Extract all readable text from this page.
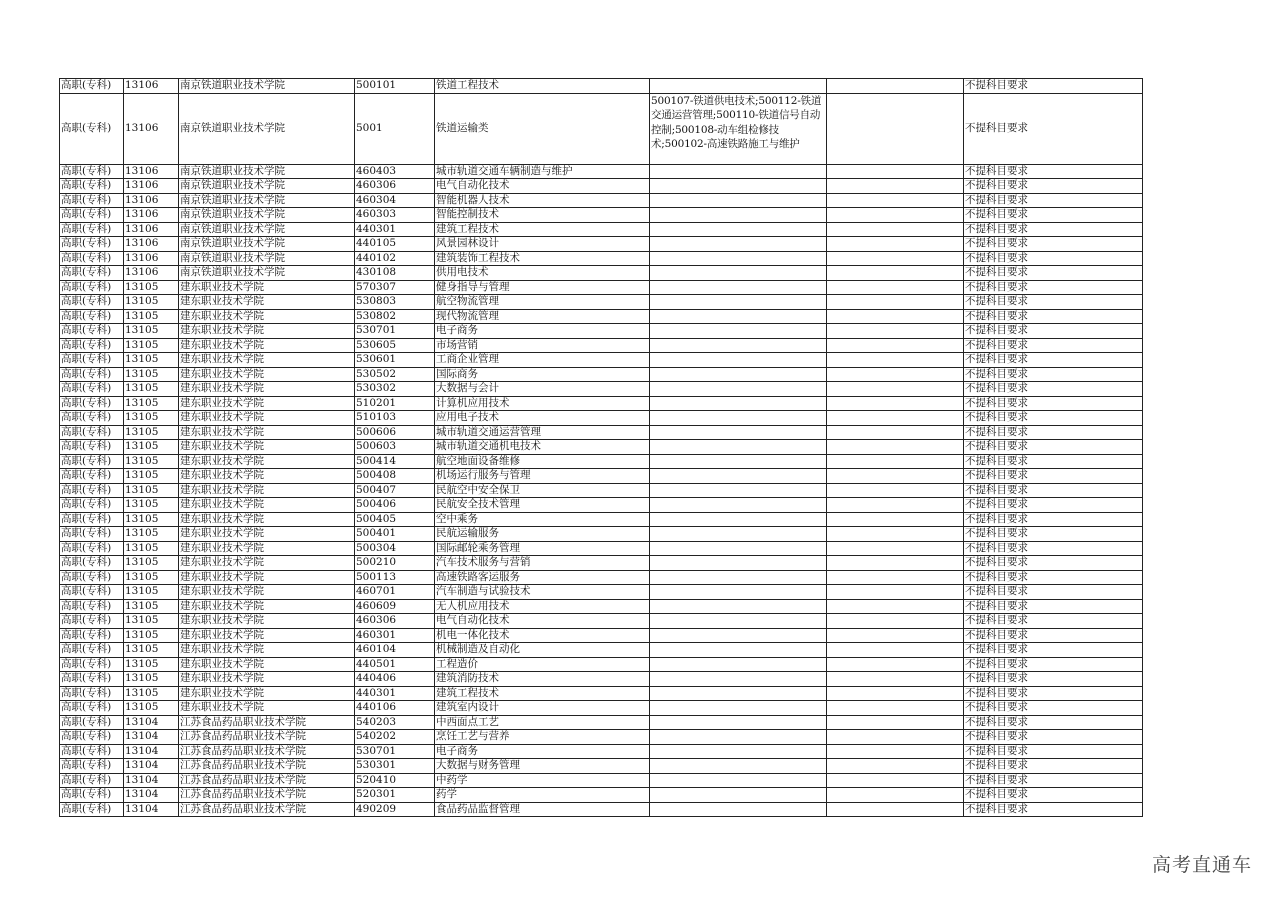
高职(专科)	13106	南京铁道职业技术学院	500101	铁道工程技术			不提科目要求
高职(专科)	13106	南京铁道职业技术学院	5001	铁道运输类	500107-铁道供电技术;500112-铁道交通运营管理;500110-铁道信号自动控制;500108-动车组检修技术;500102-高速铁路施工与维护		不提科目要求
高职(专科)	13106	南京铁道职业技术学院	460403	城市轨道交通车辆制造与维护			不提科目要求
高职(专科)	13106	南京铁道职业技术学院	460306	电气自动化技术			不提科目要求
高职(专科)	13106	南京铁道职业技术学院	460304	智能机器人技术			不提科目要求
高职(专科)	13106	南京铁道职业技术学院	460303	智能控制技术			不提科目要求
高职(专科)	13106	南京铁道职业技术学院	440301	建筑工程技术			不提科目要求
高职(专科)	13106	南京铁道职业技术学院	440105	风景园林设计			不提科目要求
高职(专科)	13106	南京铁道职业技术学院	440102	建筑装饰工程技术			不提科目要求
高职(专科)	13106	南京铁道职业技术学院	430108	供用电技术			不提科目要求
高职(专科)	13105	建东职业技术学院	570307	健身指导与管理			不提科目要求
高职(专科)	13105	建东职业技术学院	530803	航空物流管理			不提科目要求
高职(专科)	13105	建东职业技术学院	530802	现代物流管理			不提科目要求
高职(专科)	13105	建东职业技术学院	530701	电子商务			不提科目要求
高职(专科)	13105	建东职业技术学院	530605	市场营销			不提科目要求
高职(专科)	13105	建东职业技术学院	530601	工商企业管理			不提科目要求
高职(专科)	13105	建东职业技术学院	530502	国际商务			不提科目要求
高职(专科)	13105	建东职业技术学院	530302	大数据与会计			不提科目要求
高职(专科)	13105	建东职业技术学院	510201	计算机应用技术			不提科目要求
高职(专科)	13105	建东职业技术学院	510103	应用电子技术			不提科目要求
高职(专科)	13105	建东职业技术学院	500606	城市轨道交通运营管理			不提科目要求
高职(专科)	13105	建东职业技术学院	500603	城市轨道交通机电技术			不提科目要求
高职(专科)	13105	建东职业技术学院	500414	航空地面设备维修			不提科目要求
高职(专科)	13105	建东职业技术学院	500408	机场运行服务与管理			不提科目要求
高职(专科)	13105	建东职业技术学院	500407	民航空中安全保卫			不提科目要求
高职(专科)	13105	建东职业技术学院	500406	民航安全技术管理			不提科目要求
高职(专科)	13105	建东职业技术学院	500405	空中乘务			不提科目要求
高职(专科)	13105	建东职业技术学院	500401	民航运输服务			不提科目要求
高职(专科)	13105	建东职业技术学院	500304	国际邮轮乘务管理			不提科目要求
高职(专科)	13105	建东职业技术学院	500210	汽车技术服务与营销			不提科目要求
高职(专科)	13105	建东职业技术学院	500113	高速铁路客运服务			不提科目要求
高职(专科)	13105	建东职业技术学院	460701	汽车制造与试验技术			不提科目要求
高职(专科)	13105	建东职业技术学院	460609	无人机应用技术			不提科目要求
高职(专科)	13105	建东职业技术学院	460306	电气自动化技术			不提科目要求
高职(专科)	13105	建东职业技术学院	460301	机电一体化技术			不提科目要求
高职(专科)	13105	建东职业技术学院	460104	机械制造及自动化			不提科目要求
高职(专科)	13105	建东职业技术学院	440501	工程造价			不提科目要求
高职(专科)	13105	建东职业技术学院	440406	建筑消防技术			不提科目要求
高职(专科)	13105	建东职业技术学院	440301	建筑工程技术			不提科目要求
高职(专科)	13105	建东职业技术学院	440106	建筑室内设计			不提科目要求
高职(专科)	13104	江苏食品药品职业技术学院	540203	中西面点工艺			不提科目要求
高职(专科)	13104	江苏食品药品职业技术学院	540202	烹饪工艺与营养			不提科目要求
高职(专科)	13104	江苏食品药品职业技术学院	530701	电子商务			不提科目要求
高职(专科)	13104	江苏食品药品职业技术学院	530301	大数据与财务管理			不提科目要求
高职(专科)	13104	江苏食品药品职业技术学院	520410	中药学			不提科目要求
高职(专科)	13104	江苏食品药品职业技术学院	520301	药学			不提科目要求
高职(专科)	13104	江苏食品药品职业技术学院	490209	食品药品监督管理			不提科目要求
高考直通车
